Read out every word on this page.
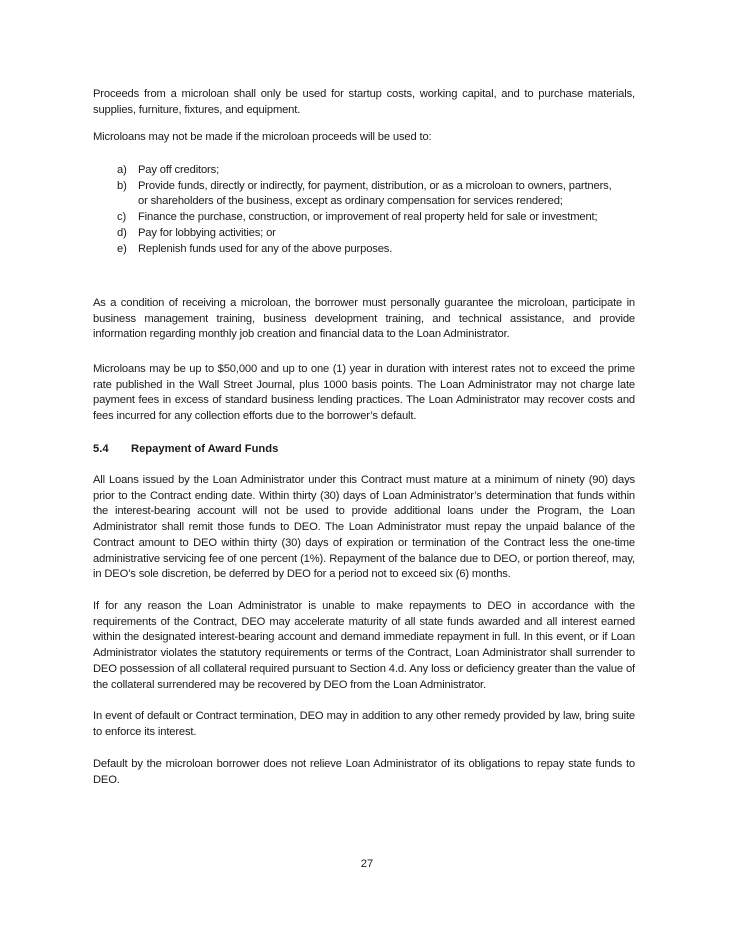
Proceeds from a microloan shall only be used for startup costs, working capital, and to purchase materials, supplies, furniture, fixtures, and equipment.

Microloans may not be made if the microloan proceeds will be used to:

a)	Pay off creditors;
b)	Provide funds, directly or indirectly, for payment, distribution, or as a microloan to owners, partners, or shareholders of the business, except as ordinary compensation for services rendered;
c)	Finance the purchase, construction, or improvement of real property held for sale or investment;
d)	Pay for lobbying activities; or
e)	Replenish funds used for any of the above purposes.

As a condition of receiving a microloan, the borrower must personally guarantee the microloan, participate in business management training, business development training, and technical assistance, and provide information regarding monthly job creation and financial data to the Loan Administrator.

Microloans may be up to $50,000 and up to one (1) year in duration with interest rates not to exceed the prime rate published in the Wall Street Journal, plus 1000 basis points. The Loan Administrator may not charge late payment fees in excess of standard business lending practices. The Loan Administrator may recover costs and fees incurred for any collection efforts due to the borrower’s default.

5.4 Repayment of Award Funds

All Loans issued by the Loan Administrator under this Contract must mature at a minimum of ninety (90) days prior to the Contract ending date. Within thirty (30) days of Loan Administrator’s determination that funds within the interest-bearing account will not be used to provide additional loans under the Program, the Loan Administrator shall remit those funds to DEO. The Loan Administrator must repay the unpaid balance of the Contract amount to DEO within thirty (30) days of expiration or termination of the Contract less the one-time administrative servicing fee of one percent (1%). Repayment of the balance due to DEO, or portion thereof, may, in DEO’s sole discretion, be deferred by DEO for a period not to exceed six (6) months.

If for any reason the Loan Administrator is unable to make repayments to DEO in accordance with the requirements of the Contract, DEO may accelerate maturity of all state funds awarded and all interest earned within the designated interest-bearing account and demand immediate repayment in full. In this event, or if Loan Administrator violates the statutory requirements or terms of the Contract, Loan Administrator shall surrender to DEO possession of all collateral required pursuant to Section 4.d. Any loss or deficiency greater than the value of the collateral surrendered may be recovered by DEO from the Loan Administrator.

In event of default or Contract termination, DEO may in addition to any other remedy provided by law, bring suite to enforce its interest.

Default by the microloan borrower does not relieve Loan Administrator of its obligations to repay state funds to DEO.

27
